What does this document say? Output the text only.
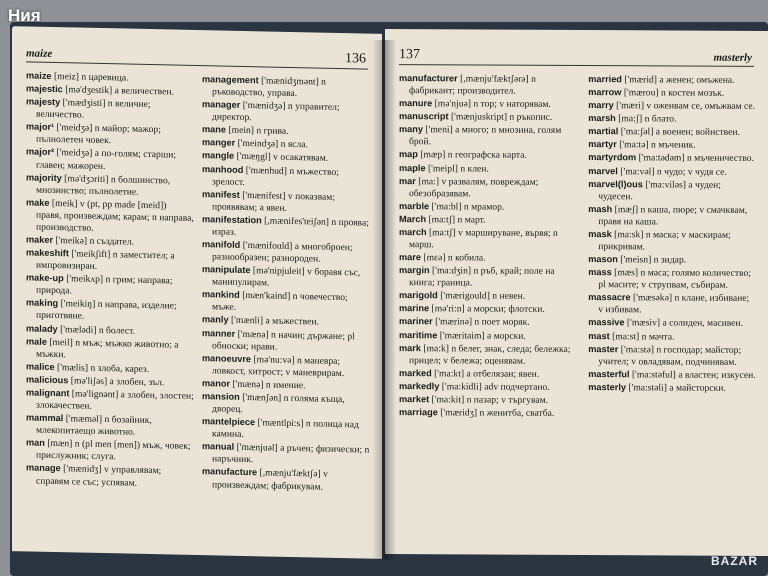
Ния
maize	136

maize [meiz] n царевица.

majestic [mə'dʒestik] a величествен.

majesty ['mædʒisti] n величие; величество.

major¹ ['meidʒə] n майор; мажор; пълнолетен човек.

major² ['meidʒə] a по-голям; старши; главен; мажорен.

majority [mə'dʒɔriti] n болшинство, мнозинство; пълнолетие.

make [meik] v (pt, pp made [meid]) правя, произвеждам; карам; n направа, производство.

maker ['meikə] n създател.

makeshift ['meikʃift] n заместител; a импровизиран.

make-up ['meikʌp] n грим; направа; природа.

making ['meikiŋ] n направа, изделие; приготвяне.

malady ['mælədi] n болест.

male [meil] n мъж; мъжко животно; a мъжки.

malice ['mælis] n злоба, карез.

malicious [mə'liʃəs] a злобен, зъл.

malignant [mə'lignənt] a злобен, злостен; злокачествен.

mammal ['mæməl] n бозайник, млекопитаещо животно.

man [mæn] n (pl men [men]) мъж, човек; прислужник; слуга.

manage ['mænidʒ] v управлявам; справям се със; успявам.

management ['mænidʒmənt] n ръководство, управа.

manager ['mænidʒə] n управител; директор.

mane [mein] n грива.

manger ['meindʒə] n ясла.

mangle ['mæŋgl] v осакатявам.

manhood ['mænhud] n мъжество; зрелост.

manifest ['mænifest] v показвам; проявявам; a явен.

manifestation [,mænifes'teiʃən] n проява; израз.

manifold ['mænifould] a многоброен; разнообразен; разнороден.

manipulate [mə'nipjuleit] v боравя със, манипулирам.

mankind [mæn'kaind] n човечество; мъже.

manly ['mænli] a мъжествен.

manner ['mænə] n начин; държане; pl обноски; нрави.

manoeuvre [mə'nu:və] n маневра; ловкост, хитрост; v маневрирам.

manor ['mænə] n имение.

mansion ['mænʃən] n голяма къща, дворец.

mantelpiece ['mæntlpi:s] n полица над камина.

manual ['mænjuəl] a ръчен; физически; n наръчник.

manufacture [,mænju'fæktʃə] v произвеждам; фабрикувам.

137	masterly

manufacturer [,mænju'fæktʃərə] n фабрикант; производител.

manure [mə'njuə] n тор; v наторявам.

manuscript ['mænjuskript] n ръкопис.

many ['meni] a много; n мнозина, голям брой.

map [mæp] n географска карта.

maple ['meipl] n клен.

mar [ma:] v развалям, повреждам; обезобразявам.

marble ['ma:bl] n мрамор.

March [ma:tʃ] n март.

march [ma:tʃ] v маршируване, вървя; n марш.

mare [mɛə] n кобила.

margin ['ma:dʒin] n ръб, край; поле на книга; граница.

marigold ['mærigould] n невен.

marine [mə'ri:n] a морски; флотски.

mariner ['mærinə] n поет моряк.

maritime ['mæritaim] a морски.

mark [ma:k] n белег, знак, следа; бележка; прицел; v бележа; оценявам.

marked ['ma:kt] a отбелязан; явен.

markedly ['ma:kidli] adv подчертано.

market ['ma:kit] n пазар; v търгувам.

marriage ['mæridʒ] n женитба, сватба.

married ['mærid] a женен; омъжена.

marrow ['mærou] n костен мозък.

marry ['mæri] v оженвам се, омъжвам се.

marsh [ma:ʃ] n блато.

martial ['ma:ʃəl] a военен; войнствен.

martyr ['ma:tə] n мъченик.

martyrdom ['ma:tədəm] n мъченичество.

marvel ['ma:vəl] n чудо; v чудя се.

marvel(l)ous ['ma:viləs] a чуден; чудесен.

mash [mæʃ] n каша, пюре; v смачквам, правя на каша.

mask [ma:sk] n маска; v маскирам; прикривам.

mason ['meisn] n зидар.

mass [mæs] n маса; голямо количество; pl масите; v струпвам, събирам.

massacre ['mæsəkə] n клане, избиване; v избивам.

massive ['mæsiv] a солиден, масивен.

mast [ma:st] n мачта.

master ['ma:stə] n господар; майстор; учител; v овладявам, подчинявам.

masterful ['ma:stəful] a властен; изкусен.

masterly ['ma:stəli] a майсторски.

BAZAR
